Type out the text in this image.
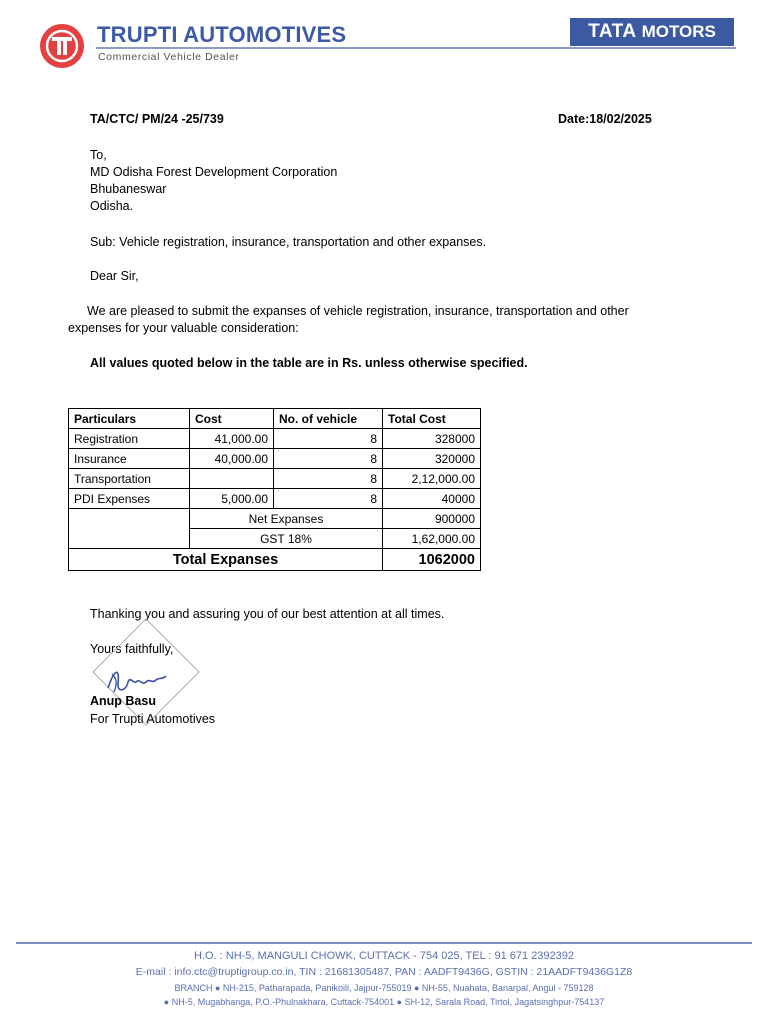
TRUPTI AUTOMOTIVES
Commercial Vehicle Dealer
TATA MOTORS
TA/CTC/ PM/24 -25/739	Date:18/02/2025
To,
MD Odisha Forest Development Corporation
Bhubaneswar
Odisha.
Sub: Vehicle registration, insurance, transportation and other expanses.
Dear Sir,
We are pleased to submit the expanses of vehicle registration, insurance, transportation and other
expenses for your valuable consideration:
All values quoted below in the table are in Rs. unless otherwise specified.
Particulars	Cost	No. of vehicle	Total Cost
Registration	41,000.00	8	328000
Insurance	40,000.00	8	320000
Transportation		8	2,12,000.00
PDI Expenses	5,000.00	8	40000
	Net Expanses		900000
	GST 18%		1,62,000.00
Total Expanses			1062000
Thanking you and assuring you of our best attention at all times.
Yours faithfully,
Anup Basu
For Trupti Automotives
H.O. : NH-5, MANGULI CHOWK, CUTTACK - 754 025, TEL : 91 671 2392392
E-mail : info.ctc@truptigroup.co.in, TIN : 21681305487, PAN : AADFT9436G, GSTIN : 21AADFT9436G1Z8
BRANCH ● NH-215, Patharapada, Panikoili, Jajpur-755019 ● NH-55, Nuahata, Banarpal, Angul - 759128
● NH-5, Mugabhanga, P.O.-Phulnakhara, Cuttack-754001 ● SH-12, Sarala Road, Tirtol, Jagatsinghpur-754137
